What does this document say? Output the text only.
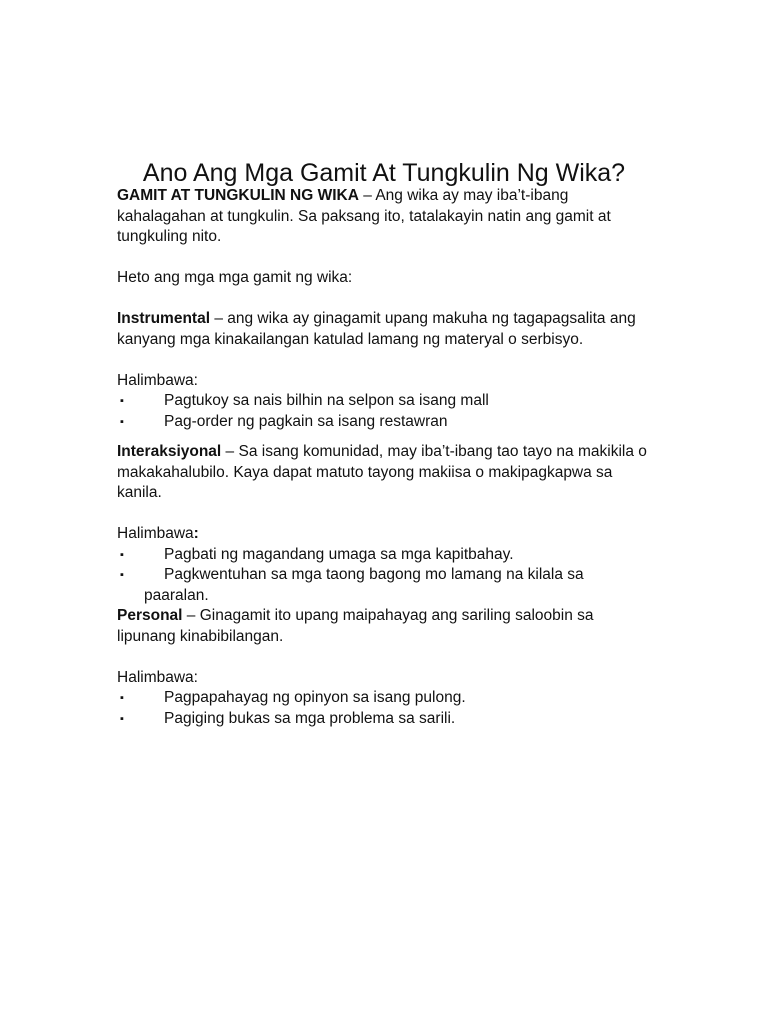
Ano Ang Mga Gamit At Tungkulin Ng Wika?

GAMIT AT TUNGKULIN NG WIKA – Ang wika ay may iba’t-ibang kahalagahan at tungkulin. Sa paksang ito, tatalakayin natin ang gamit at tungkuling nito.

Heto ang mga mga gamit ng wika:

Instrumental – ang wika ay ginagamit upang makuha ng tagapagsalita ang kanyang mga kinakailangan katulad lamang ng materyal o serbisyo.

Halimbawa:

▪	Pagtukoy sa nais bilhin na selpon sa isang mall
▪	Pag-order ng pagkain sa isang restawran

Interaksiyonal – Sa isang komunidad, may iba’t-ibang tao tayo na makikila o makakahalubilo. Kaya dapat matuto tayong makiisa o makipagkapwa sa kanila.

Halimbawa:

▪	Pagbati ng magandang umaga sa mga kapitbahay.
▪	Pagkwentuhan sa mga taong bagong mo lamang na kilala sa
paaralan.

Personal – Ginagamit ito upang maipahayag ang sariling saloobin sa lipunang kinabibilangan.

Halimbawa:

▪	Pagpapahayag ng opinyon sa isang pulong.
▪	Pagiging bukas sa mga problema sa sarili.
